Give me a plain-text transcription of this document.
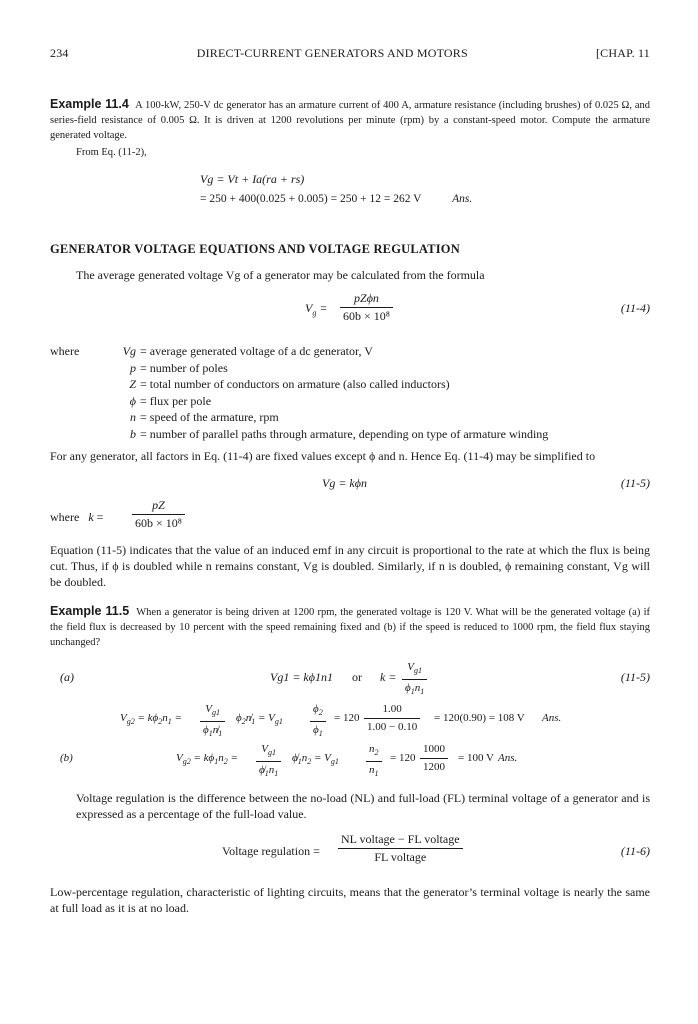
234	DIRECT-CURRENT GENERATORS AND MOTORS	[CHAP. 11

Example 11.4 A 100-kW, 250-V dc generator has an armature current of 400 A, armature resistance (including brushes) of 0.025 Ω, and series-field resistance of 0.005 Ω. It is driven at 1200 revolutions per minute (rpm) by a constant-speed motor. Compute the armature generated voltage.

From Eq. (11-2),

Vg = Vt + Ia(ra + rs)
= 250 + 400(0.025 + 0.005) = 250 + 12 = 262 V	Ans.
GENERATOR VOLTAGE EQUATIONS AND VOLTAGE REGULATION

The average generated voltage Vg of a generator may be calculated from the formula

$V_g$ =
pZϕn
60b × 10⁸
(11-4)
where	Vg = average generated voltage of a dc generator, V
p = number of poles
Z = total number of conductors on armature (also called inductors)
ϕ = flux per pole
n = speed of the armature, rpm
b = number of parallel paths through armature, depending on type of armature winding

For any generator, all factors in Eq. (11-4) are fixed values except ϕ and n. Hence Eq. (11-4) may be simplified to

Vg = kϕn	(11-5)
where   $k = \frac{pZ}{\text{60b × 10⁸}}$

Equation (11-5) indicates that the value of an induced emf in any circuit is proportional to the rate at which the flux is being cut. Thus, if ϕ is doubled while n remains constant, Vg is doubled. Similarly, if n is doubled, ϕ remaining constant, Vg will be doubled.

Example 11.5 When a generator is being driven at 1200 rpm, the generated voltage is 120 V. What will be the generated voltage (a) if the field flux is decreased by 10 percent with the speed remaining fixed and (b) if the speed is reduced to 1000 rpm, the field flux staying unchanged?

(a)	Vg1 = kϕ1n1 or $k = \frac{V_{g1}}{\phi_1n_1}$	(11-5)
$V_{g2} = k\phi_2n_1 = \frac{V_{g1}}{\phi_1n̸_1}$ $\phi_2n̸_1 = V_{g1} \frac{\phi_2}{\phi_1} = 120 \frac{1.00}{1.00 - 0.10} = 120(0.90) = 108$ V Ans.
(b)	$V_{g2} = k\phi_1n_2 = \frac{V_{g1}}{\phi̸_1n_1}$ $\phi̸_1n_2 = V_{g1} \frac{n_2}{n_1} = 120 \frac{1000}{1200} = 100$ V Ans.

Voltage regulation is the difference between the no-load (NL) and full-load (FL) terminal voltage of a generator and is expressed as a percentage of the full-load value.

Voltage regulation =
NL voltage − FL voltage
FL voltage	(11-6)

Low-percentage regulation, characteristic of lighting circuits, means that the generator’s terminal voltage is nearly the same at full load as it is at no load.
